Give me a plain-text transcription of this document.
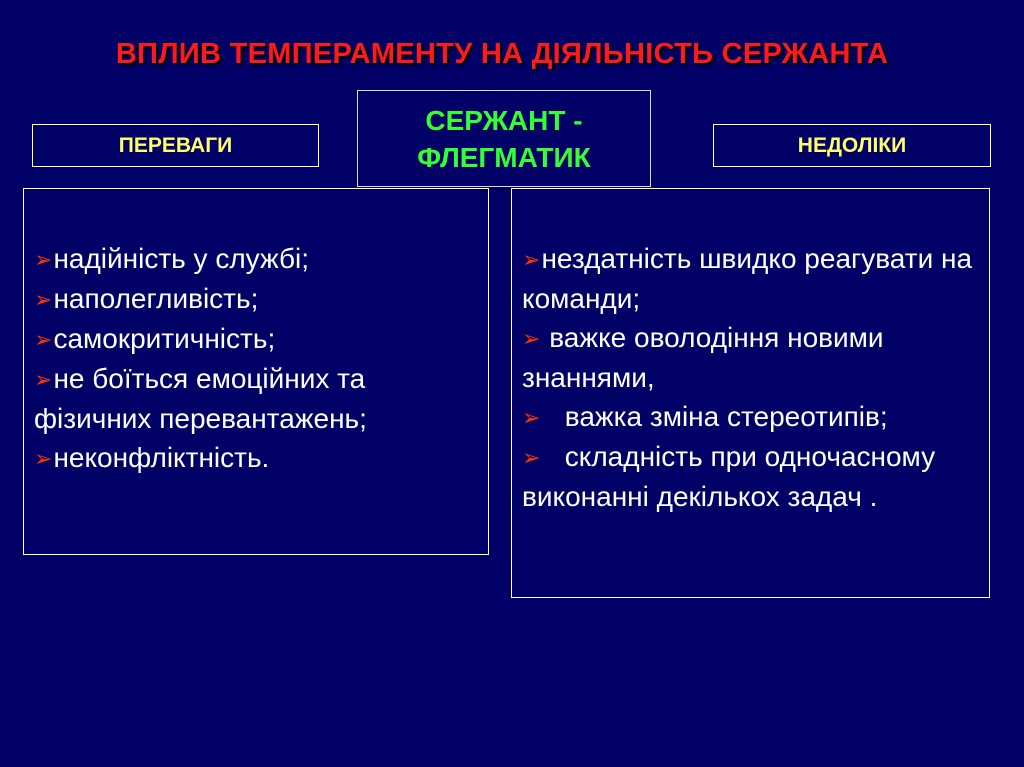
ВПЛИВ ТЕМПЕРАМЕНТУ НА ДІЯЛЬНІСТЬ СЕРЖАНТА
ПЕРЕВАГИ
СЕРЖАНТ -
ФЛЕГМАТИК	НЕДОЛІКИ
➢надійність у службі;
➢наполегливість;
➢самокритичність;
➢не боїться емоційних та фізичних перевантажень;
➢неконфліктність.
➢нездатність швидко реагувати на команди;
➢ важке оволодіння новими знаннями,
➢ важка зміна стереотипів;
➢ складність при одночасному виконанні декількох задач .
